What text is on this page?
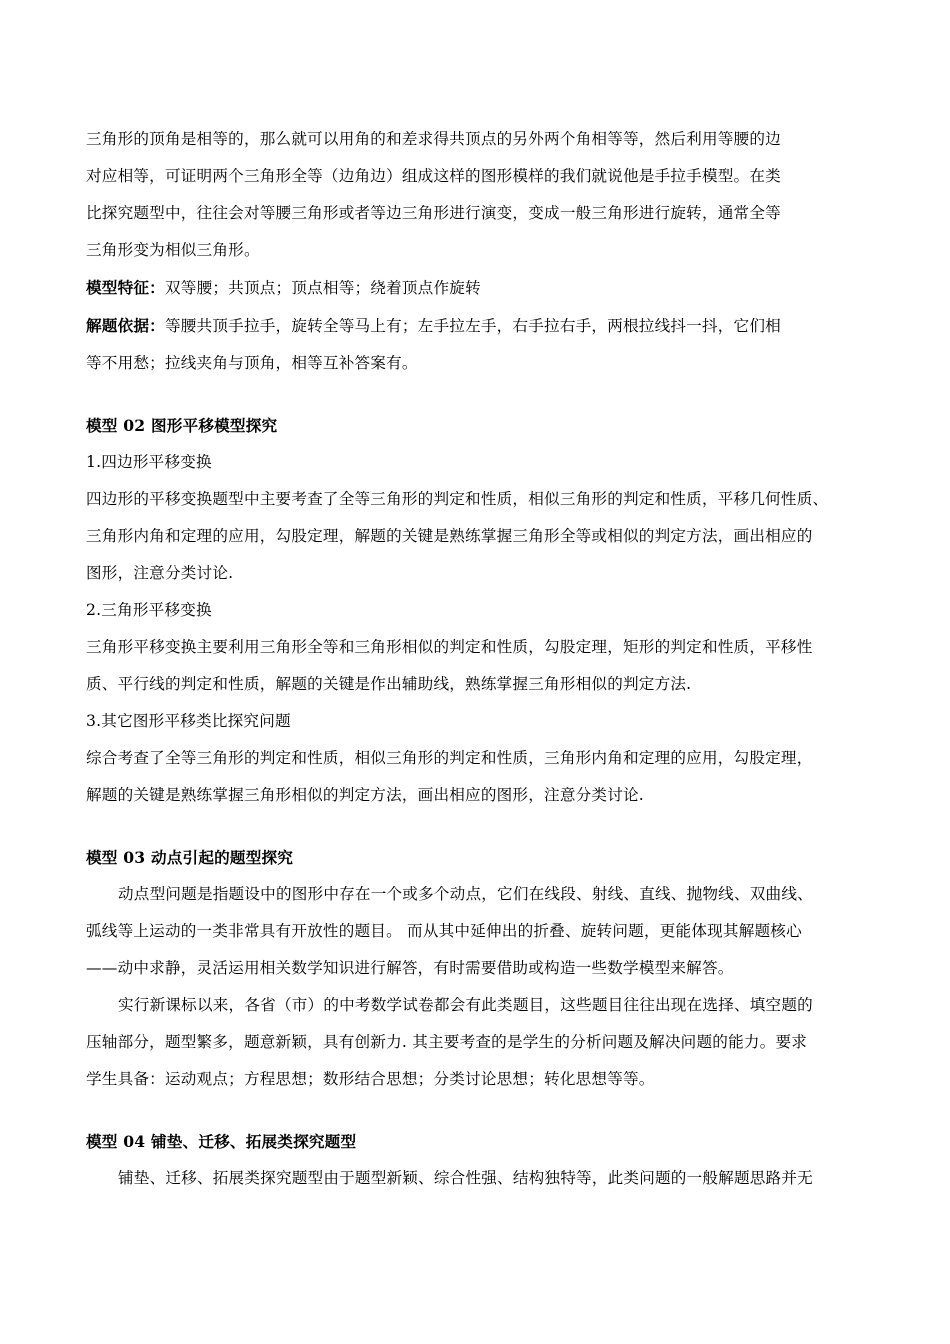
三角形的顶角是相等的，那么就可以用角的和差求得共顶点的另外两个角相等等，然后利用等腰的边
对应相等，可证明两个三角形全等（边角边）组成这样的图形模样的我们就说他是手拉手模型。在类
比探究题型中，往往会对等腰三角形或者等边三角形进行演变，变成一般三角形进行旋转，通常全等
三角形变为相似三角形。

模型特征：双等腰；共顶点；顶点相等；绕着顶点作旋转

解题依据：等腰共顶手拉手，旋转全等马上有；左手拉左手，右手拉右手，两根拉线抖一抖，它们相
等不用愁；拉线夹角与顶角，相等互补答案有。

模型 02 图形平移模型探究

1.四边形平移变换

四边形的平移变换题型中主要考查了全等三角形的判定和性质，相似三角形的判定和性质，平移几何性质、
三角形内角和定理的应用，勾股定理，解题的关键是熟练掌握三角形全等或相似的判定方法，画出相应的
图形，注意分类讨论.

2.三角形平移变换

三角形平移变换主要利用三角形全等和三角形相似的判定和性质，勾股定理，矩形的判定和性质，平移性
质、平行线的判定和性质，解题的关键是作出辅助线，熟练掌握三角形相似的判定方法.

3.其它图形平移类比探究问题

综合考查了全等三角形的判定和性质，相似三角形的判定和性质，三角形内角和定理的应用，勾股定理，
解题的关键是熟练掌握三角形相似的判定方法，画出相应的图形，注意分类讨论.

模型 03 动点引起的题型探究

动点型问题是指题设中的图形中存在一个或多个动点，它们在线段、射线、直线、抛物线、双曲线、
弧线等上运动的一类非常具有开放性的题目。 而从其中延伸出的折叠、旋转问题，更能体现其解题核心
——动中求静，灵活运用相关数学知识进行解答，有时需要借助或构造一些数学模型来解答。

实行新课标以来，各省（市）的中考数学试卷都会有此类题目，这些题目往往出现在选择、填空题的
压轴部分，题型繁多，题意新颖，具有创新力. 其主要考查的是学生的分析问题及解决问题的能力。要求
学生具备：运动观点；方程思想；数形结合思想；分类讨论思想；转化思想等等。

模型 04 铺垫、迁移、拓展类探究题型

铺垫、迁移、拓展类探究题型由于题型新颖、综合性强、结构独特等，此类问题的一般解题思路并无
